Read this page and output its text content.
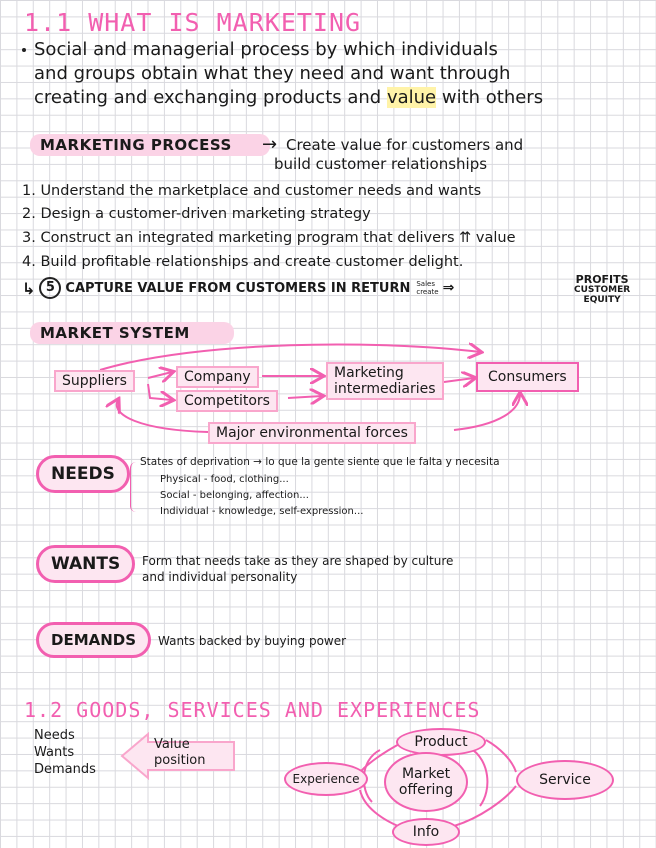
1.1 WHAT IS MARKETING
Social and managerial process by which individuals
and groups obtain what they need and want through
creating and exchanging products and value with others
MARKETING PROCESS	→ Create value for customers and
build customer relationships
1. Understand the marketplace and customer needs and wants
2. Design a customer-driven marketing strategy
3. Construct an integrated marketing program that delivers ⇈ value
4. Build profitable relationships and create customer delight.
↳ 5 CAPTURE VALUE FROM CUSTOMERS IN RETURN Sales
create ⇒
PROFITS
CUSTOMER
EQUITY
MARKET SYSTEM
Suppliers	Company
Competitors
Marketing
intermediaries
Consumers
Major environmental forces
NEEDS
States of deprivation → lo que la gente siente que le falta y necesita
Physical - food, clothing...
Social - belonging, affection...
Individual - knowledge, self-expression...
WANTS	Form that needs take as they are shaped by culture
and individual personality
DEMANDS	Wants backed by buying power
1.2 GOODS, SERVICES AND EXPERIENCES
Needs
Wants
Demands
Value
position
Product
Experience	Market
offering
Service
Info
